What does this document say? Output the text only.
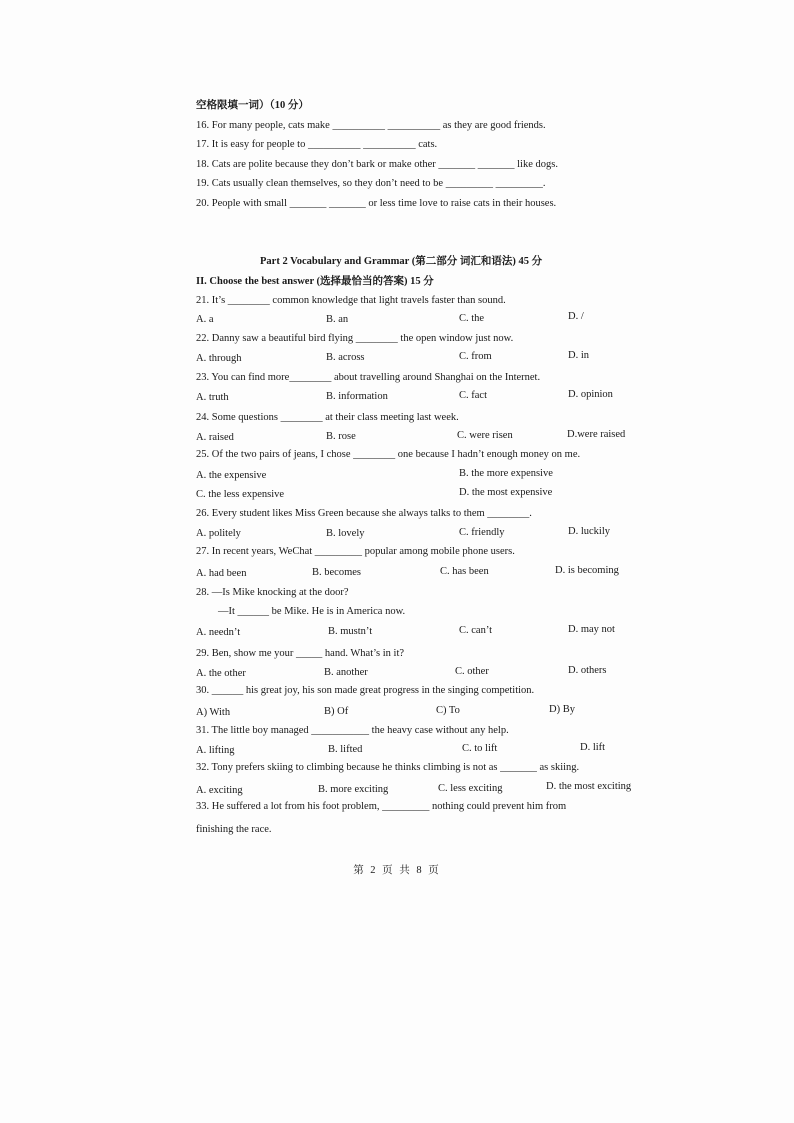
空格限填一词）（10 分）
16. For many people, cats make __________ __________ as they are good friends.
17. It is easy for people to __________ __________ cats.
18. Cats are polite because they don’t bark or make other _______ _______ like dogs.
19. Cats usually clean themselves, so they don’t need to be _________ _________.
20. People with small _______ _______ or less time love to raise cats in their houses.
Part 2 Vocabulary and Grammar (第二部分 词汇和语法) 45 分
II. Choose the best answer (选择最恰当的答案) 15 分
21. It’s ________ common knowledge that light travels faster than sound.
A. a	B. an	C. the	D. /
22. Danny saw a beautiful bird flying ________ the open window just now.
A. through	B. across	C. from	D. in
23. You can find more________ about travelling around Shanghai on the Internet.
A. truth	B. information	C. fact	D. opinion
24. Some questions ________ at their class meeting last week.
A. raised	B. rose	C. were risen	D.were raised
25. Of the two pairs of jeans, I chose ________ one because I hadn’t enough money on me.
A. the expensive	B. the more expensive
C. the less expensive	D. the most expensive
26. Every student likes Miss Green because she always talks to them ________.
A. politely	B. lovely	C. friendly	D. luckily
27. In recent years, WeChat _________ popular among mobile phone users.
A. had been	B. becomes	C. has been	D. is becoming
28. —Is Mike knocking at the door?
—It ______ be Mike. He is in America now.
A. needn’t	B. mustn’t	C. can’t	D. may not
29. Ben, show me your _____ hand. What’s in it?
A. the other	B. another	C. other	D. others
30. ______ his great joy, his son made great progress in the singing competition.
A) With	B) Of	C) To	D) By
31. The little boy managed ___________ the heavy case without any help.
A. lifting	B. lifted	C. to lift	D. lift
32. Tony prefers skiing to climbing because he thinks climbing is not as _______ as skiing.
A. exciting	B. more exciting	C. less exciting	D. the most exciting
33. He suffered a lot from his foot problem, _________ nothing could prevent him from
finishing the race.
第 2 页 共 8 页
